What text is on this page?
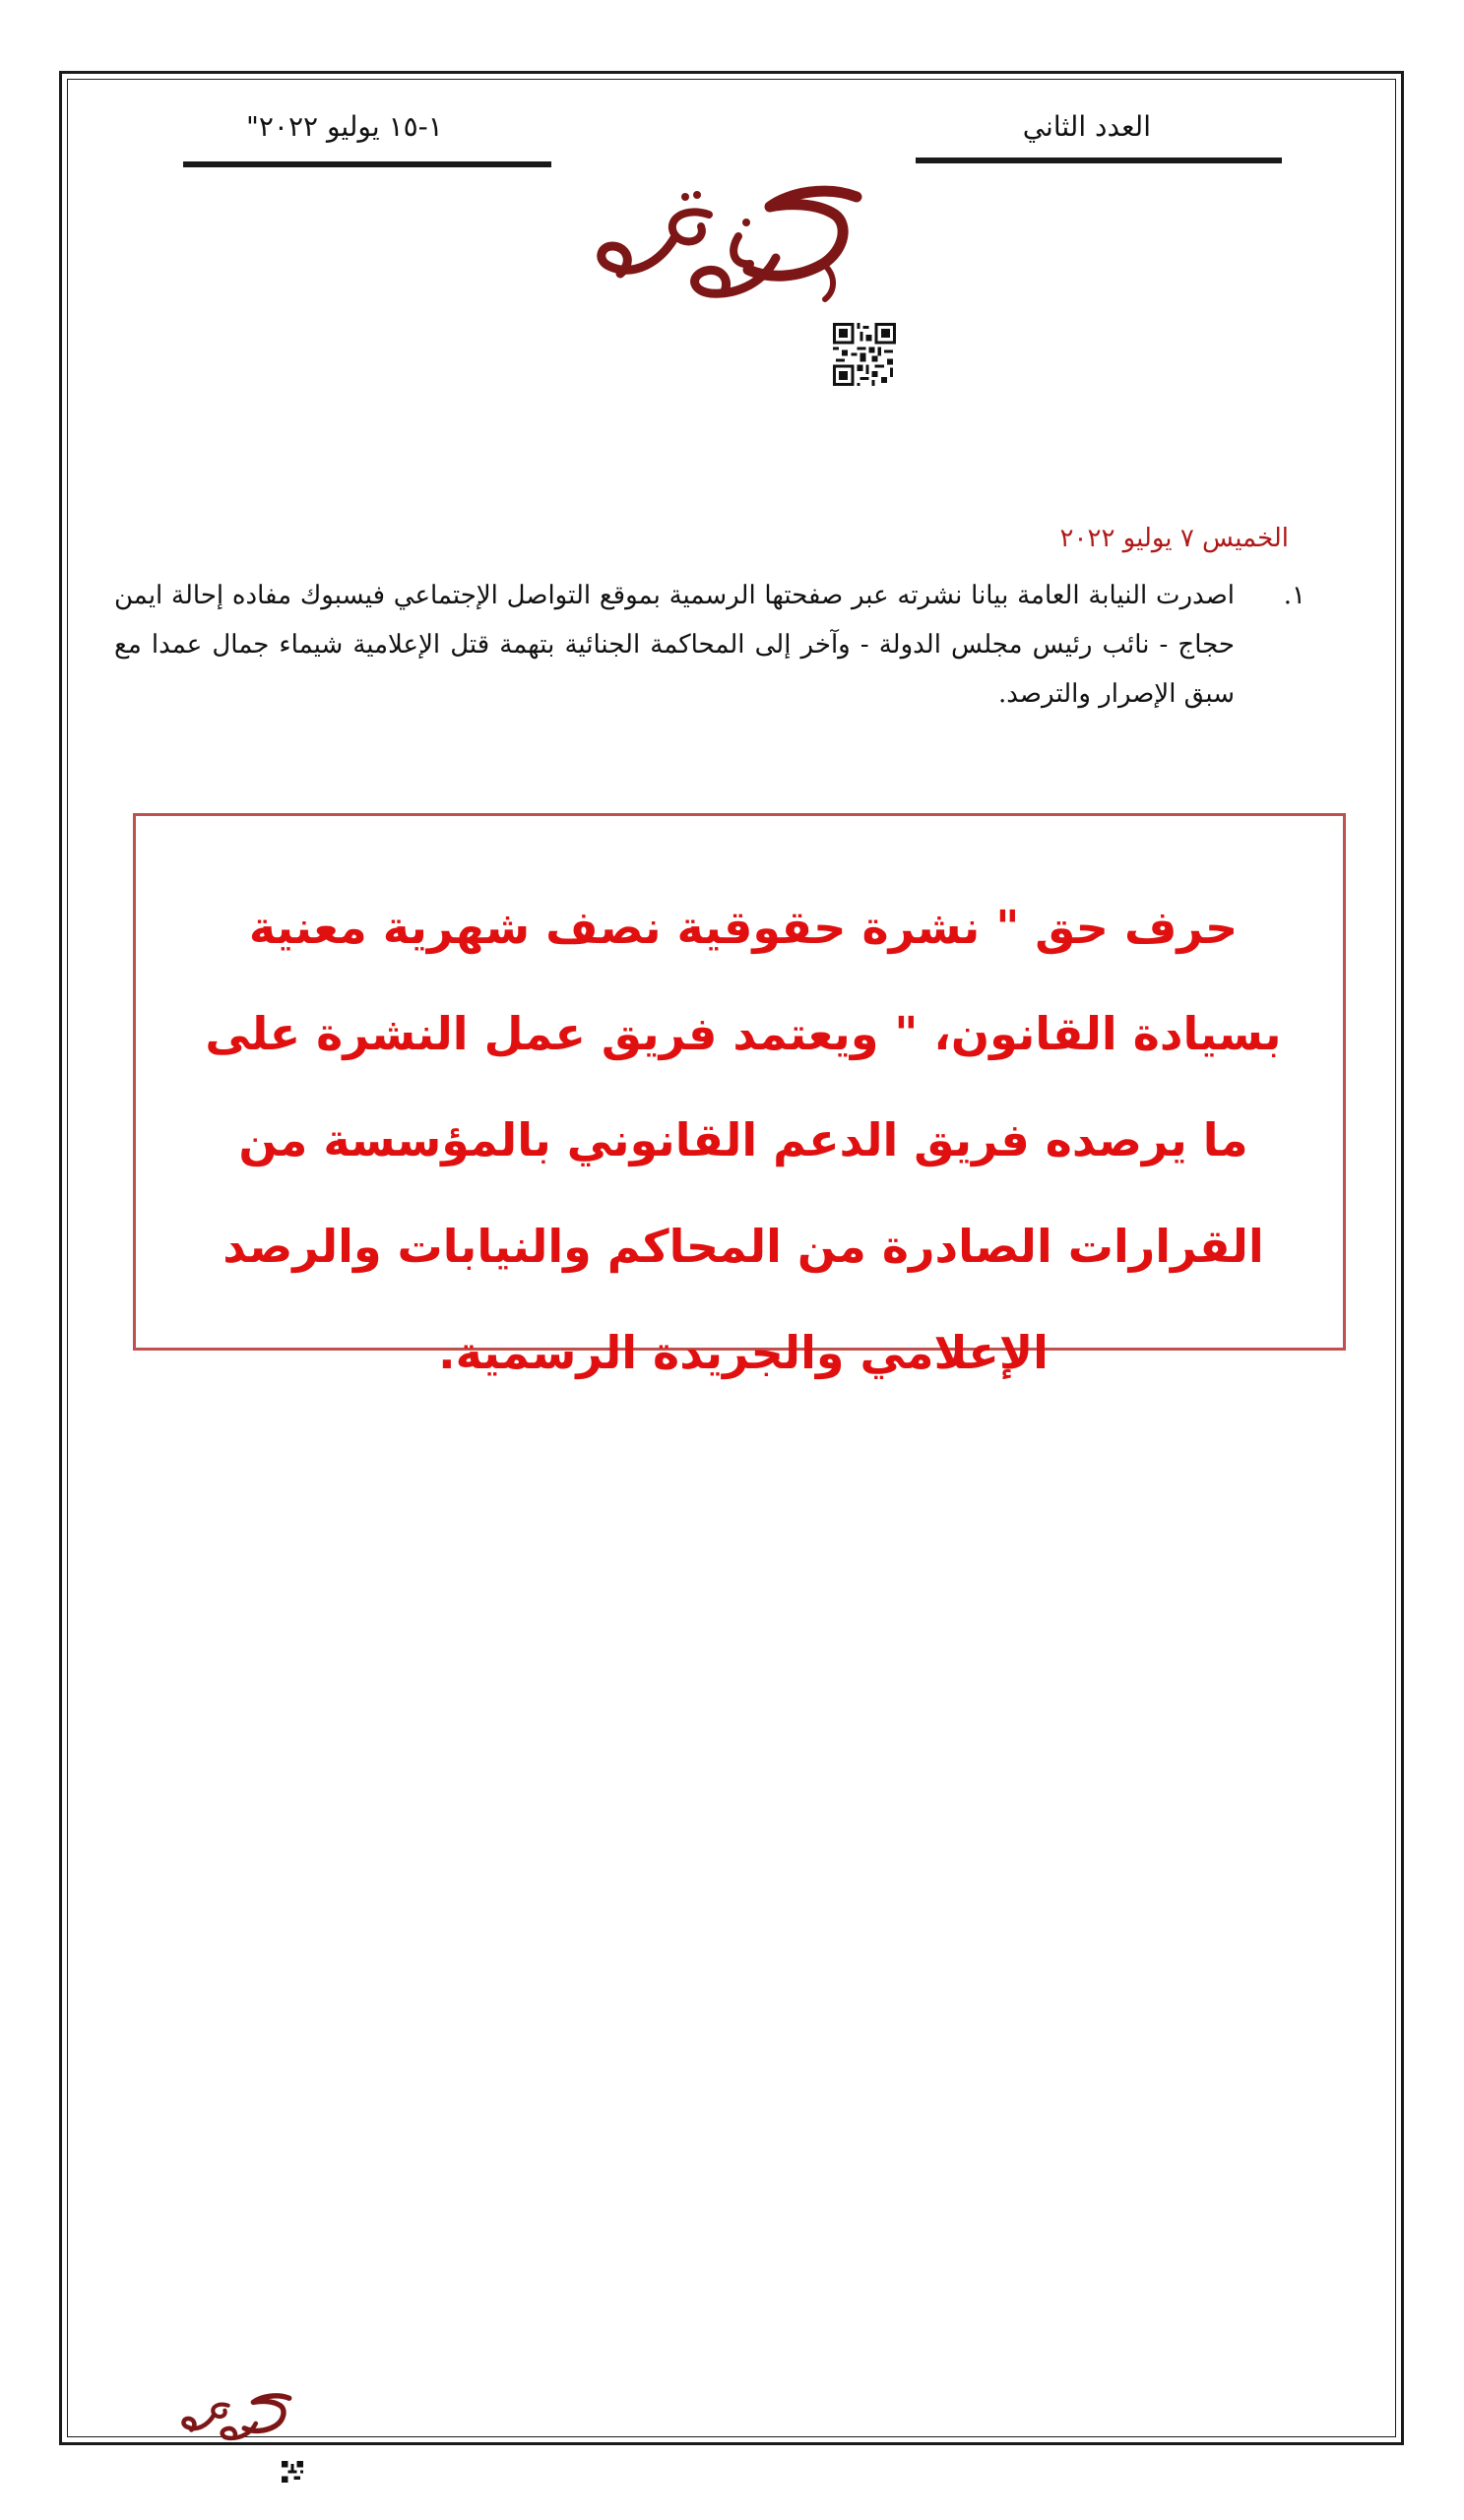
العدد الثاني
١-١٥ يوليو ٢٠٢٢"
الخميس ٧ يوليو ٢٠٢٢
١.
اصدرت النيابة العامة بيانا نشرته عبر صفحتها الرسمية بموقع التواصل الإجتماعي فيسبوك مفاده إحالة ايمن حجاج - نائب رئيس مجلس الدولة - وآخر إلى المحاكمة الجنائية بتهمة قتل الإعلامية شيماء جمال عمدا مع سبق الإصرار والترصد.
حرف حق " نشرة حقوقية نصف شهرية معنية بسيادة القانون، " ويعتمد فريق عمل النشرة على ما يرصده فريق الدعم القانوني بالمؤسسة من القرارات الصادرة من المحاكم والنيابات والرصد الإعلامي والجريدة الرسمية.
